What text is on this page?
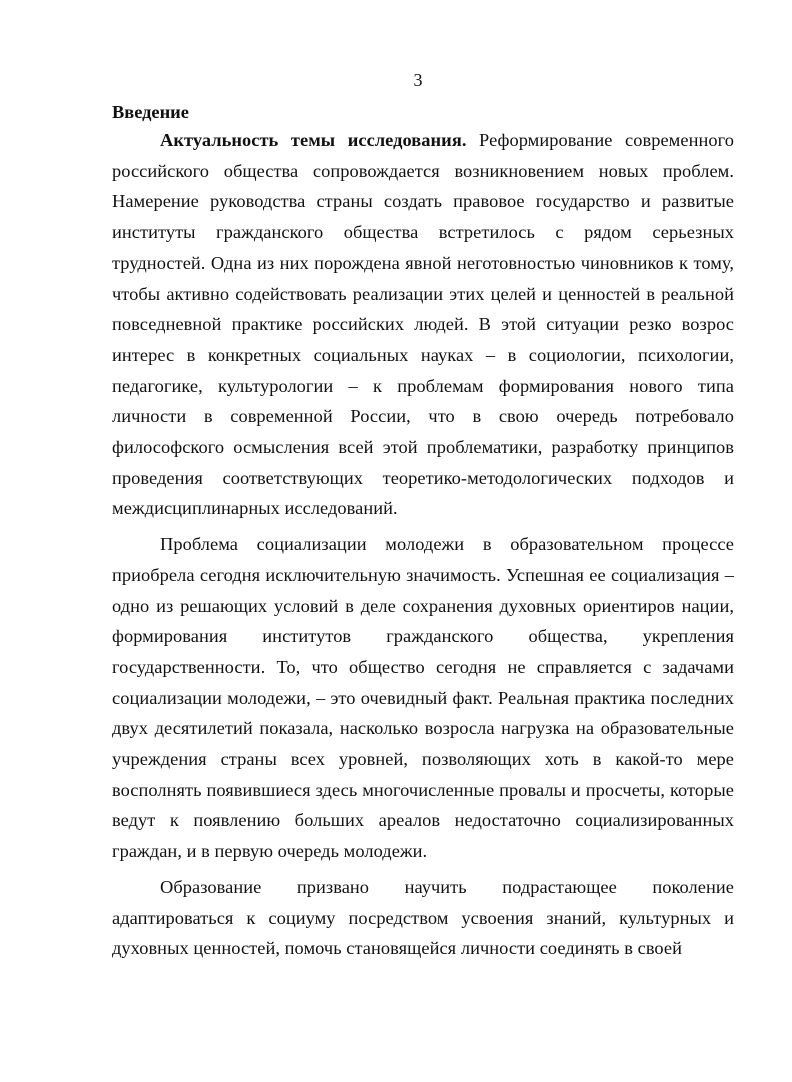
3
Введение

Актуальность темы исследования. Реформирование современного российского общества сопровождается возникновением новых проблем. Намерение руководства страны создать правовое государство и развитые институты гражданского общества встретилось с рядом серьезных трудностей. Одна из них порождена явной неготовностью чиновников к тому, чтобы активно содействовать реализации этих целей и ценностей в реальной повседневной практике российских людей. В этой ситуации резко возрос интерес в конкретных социальных науках – в социологии, психологии, педагогике, культурологии – к проблемам формирования нового типа личности в современной России, что в свою очередь потребовало философского осмысления всей этой проблематики, разработку принципов проведения соответствующих теоретико-методологических подходов и междисциплинарных исследований.

Проблема социализации молодежи в образовательном процессе приобрела сегодня исключительную значимость. Успешная ее социализация – одно из решающих условий в деле сохранения духовных ориентиров нации, формирования институтов гражданского общества, укрепления государственности. То, что общество сегодня не справляется с задачами социализации молодежи, – это очевидный факт. Реальная практика последних двух десятилетий показала, насколько возросла нагрузка на образовательные учреждения страны всех уровней, позволяющих хоть в какой-то мере восполнять появившиеся здесь многочисленные провалы и просчеты, которые ведут к появлению больших ареалов недостаточно социализированных граждан, и в первую очередь молодежи.

Образование призвано научить подрастающее поколение адаптироваться к социуму посредством усвоения знаний, культурных и духовных ценностей, помочь становящейся личности соединять в своей
